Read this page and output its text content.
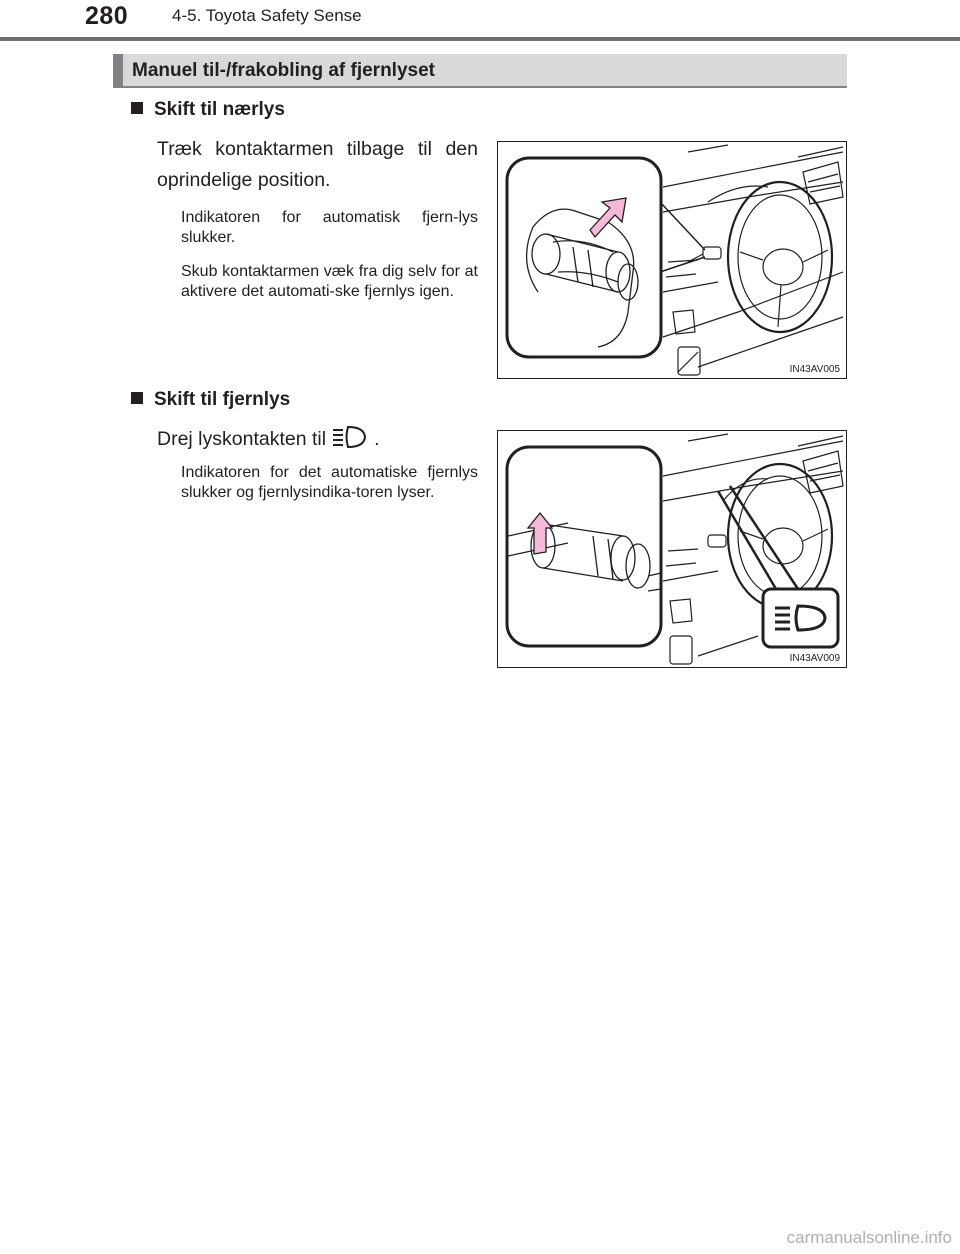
280	4-5. Toyota Safety Sense
Manuel til-/frakobling af fjernlyset
Skift til nærlys
Træk kontaktarmen tilbage til den oprindelige position.
Indikatoren for automatisk fjern-lys slukker.
Skub kontaktarmen væk fra dig selv for at aktivere det automati-ske fjernlys igen.
IN43AV005
Skift til fjernlys
Drej lyskontakten til .
Indikatoren for det automatiske fjernlys slukker og fjernlysindika-toren lyser.
IN43AV009
carmanualsonline.info
